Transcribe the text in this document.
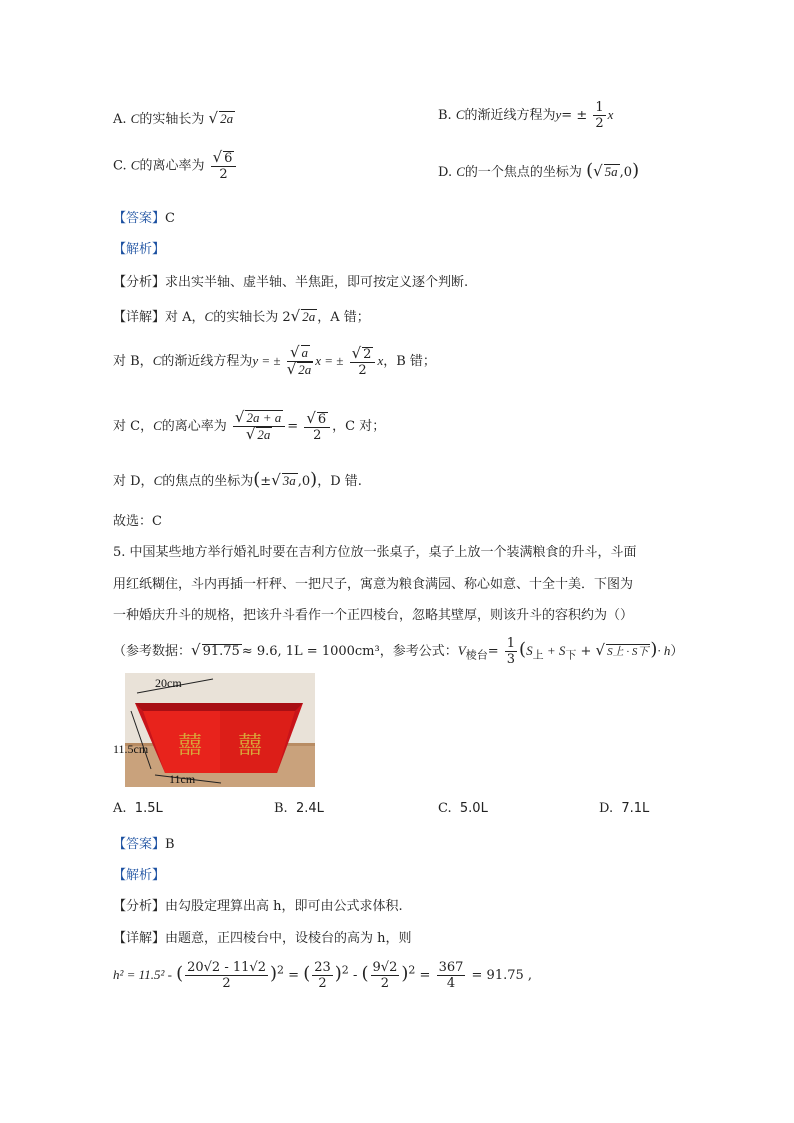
A. C的实轴长为 √ 2a	B. C的渐近线方程为$y= \pm \frac{1}{2}$ x
C. C的离心率为 $\frac{√ 6}{2}$	D. C的一个焦点的坐标为 (√ 5a ,0)
【答案】C
【解析】
【分析】求出实半轴、虚半轴、半焦距，即可按定义逐个判断.
【详解】对 A，C的实轴长为 2√ 2a ，A 错；
对 B，C的渐近线方程为y = ± $\frac{√ a}{√ 2a}$ x = ± $\frac{√ 2}{2}$ x，B 错；
对 C，C的离心率为 $\frac{√ 2a + a}{√ 2a} = \frac{√ 6}{2}$ ，C 对；
对 D，C的焦点的坐标为(±√ 3a ,0)，D 错.
故选：C
5. 中国某些地方举行婚礼时要在吉利方位放一张桌子，桌子上放一个装满粮食的升斗，斗面
用红纸糊住，斗内再插一杆秤、一把尺子，寓意为粮食满园、称心如意、十全十美．下图为
一种婚庆升斗的规格，把该升斗看作一个正四棱台，忽略其壁厚，则该升斗的容积约为（）
（参考数据：√ 91.75 ≈ 9.6, 1L = 1000cm³，参考公式：$V_{棱台}= \frac{1}{3} (S_上 + S_下$ + √ S上 · S下 )· h）
囍 囍
20cm
11.5cm
11cm
A. 1.5L	B. 2.4L	C. 5.0L	D. 7.1L
【答案】B
【解析】
【分析】由勾股定理算出高 h，即可由公式求体积.
【详解】由题意，正四棱台中，设棱台的高为 h，则
h² = 11.5² - ( $\frac{20√2 - 11√2}{2} )^2$ = ( $\frac{23}{2} )^2$ - ( $\frac{9√2}{2} )^2 = \frac{367}{4} = 91.75$ ,
